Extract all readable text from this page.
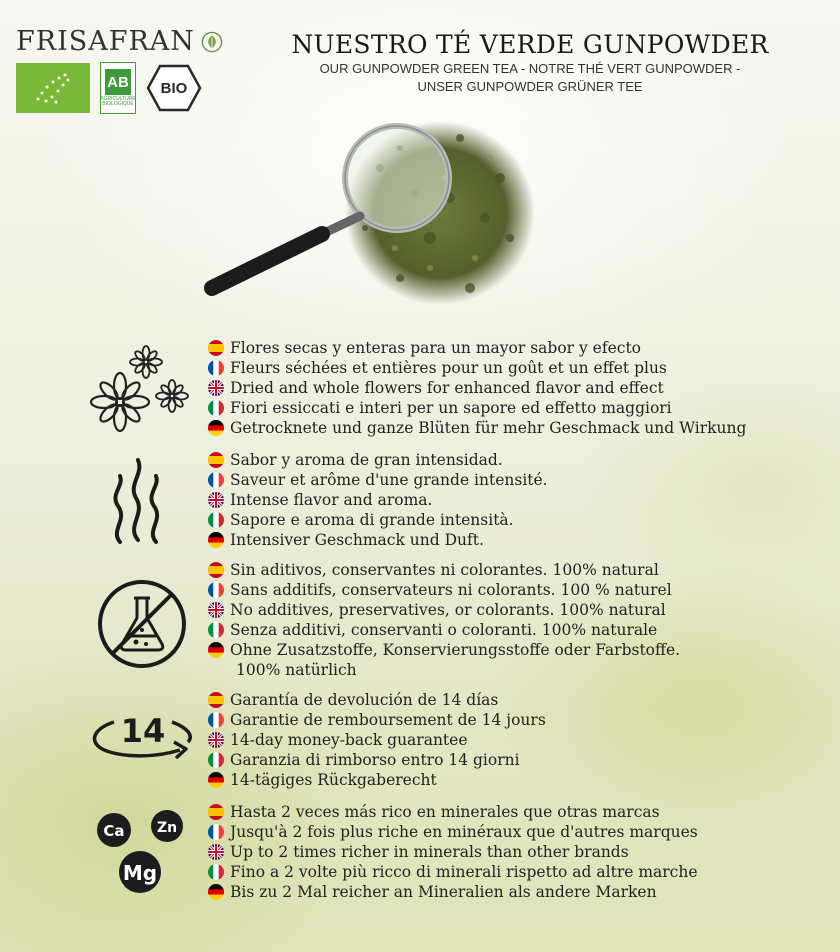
FRISAFRAN
AB
AGRICULTURE BIOLOGIQUE
BIO
NUESTRO TÉ VERDE GUNPOWDER
OUR GUNPOWDER GREEN TEA - NOTRE THÉ VERT GUNPOWDER -
UNSER GUNPOWDER GRÜNER TEE
Flores secas y enteras para un mayor sabor y efecto
Fleurs séchées et entières pour un goût et un effet plus
Dried and whole flowers for enhanced flavor and effect
Fiori essiccati e interi per un sapore ed effetto maggiori
Getrocknete und ganze Blüten für mehr Geschmack und Wirkung
Sabor y aroma de gran intensidad.
Saveur et arôme d'une grande intensité.
Intense flavor and aroma.
Sapore e aroma di grande intensità.
Intensiver Geschmack und Duft.
Sin aditivos, conservantes ni colorantes. 100% natural
Sans additifs, conservateurs ni colorants. 100 % naturel
No additives, preservatives, or colorants. 100% natural
Senza additivi, conservanti o coloranti. 100% naturale
Ohne Zusatzstoffe, Konservierungsstoffe oder Farbstoffe.
100% natürlich
14
Garantía de devolución de 14 días
Garantie de remboursement de 14 jours
14-day money-back guarantee
Garanzia di rimborso entro 14 giorni
14-tägiges Rückgaberecht
Ca Zn
Mg
Hasta 2 veces más rico en minerales que otras marcas
Jusqu'à 2 fois plus riche en minéraux que d'autres marques
Up to 2 times richer in minerals than other brands
Fino a 2 volte più ricco di minerali rispetto ad altre marche
Bis zu 2 Mal reicher an Mineralien als andere Marken
